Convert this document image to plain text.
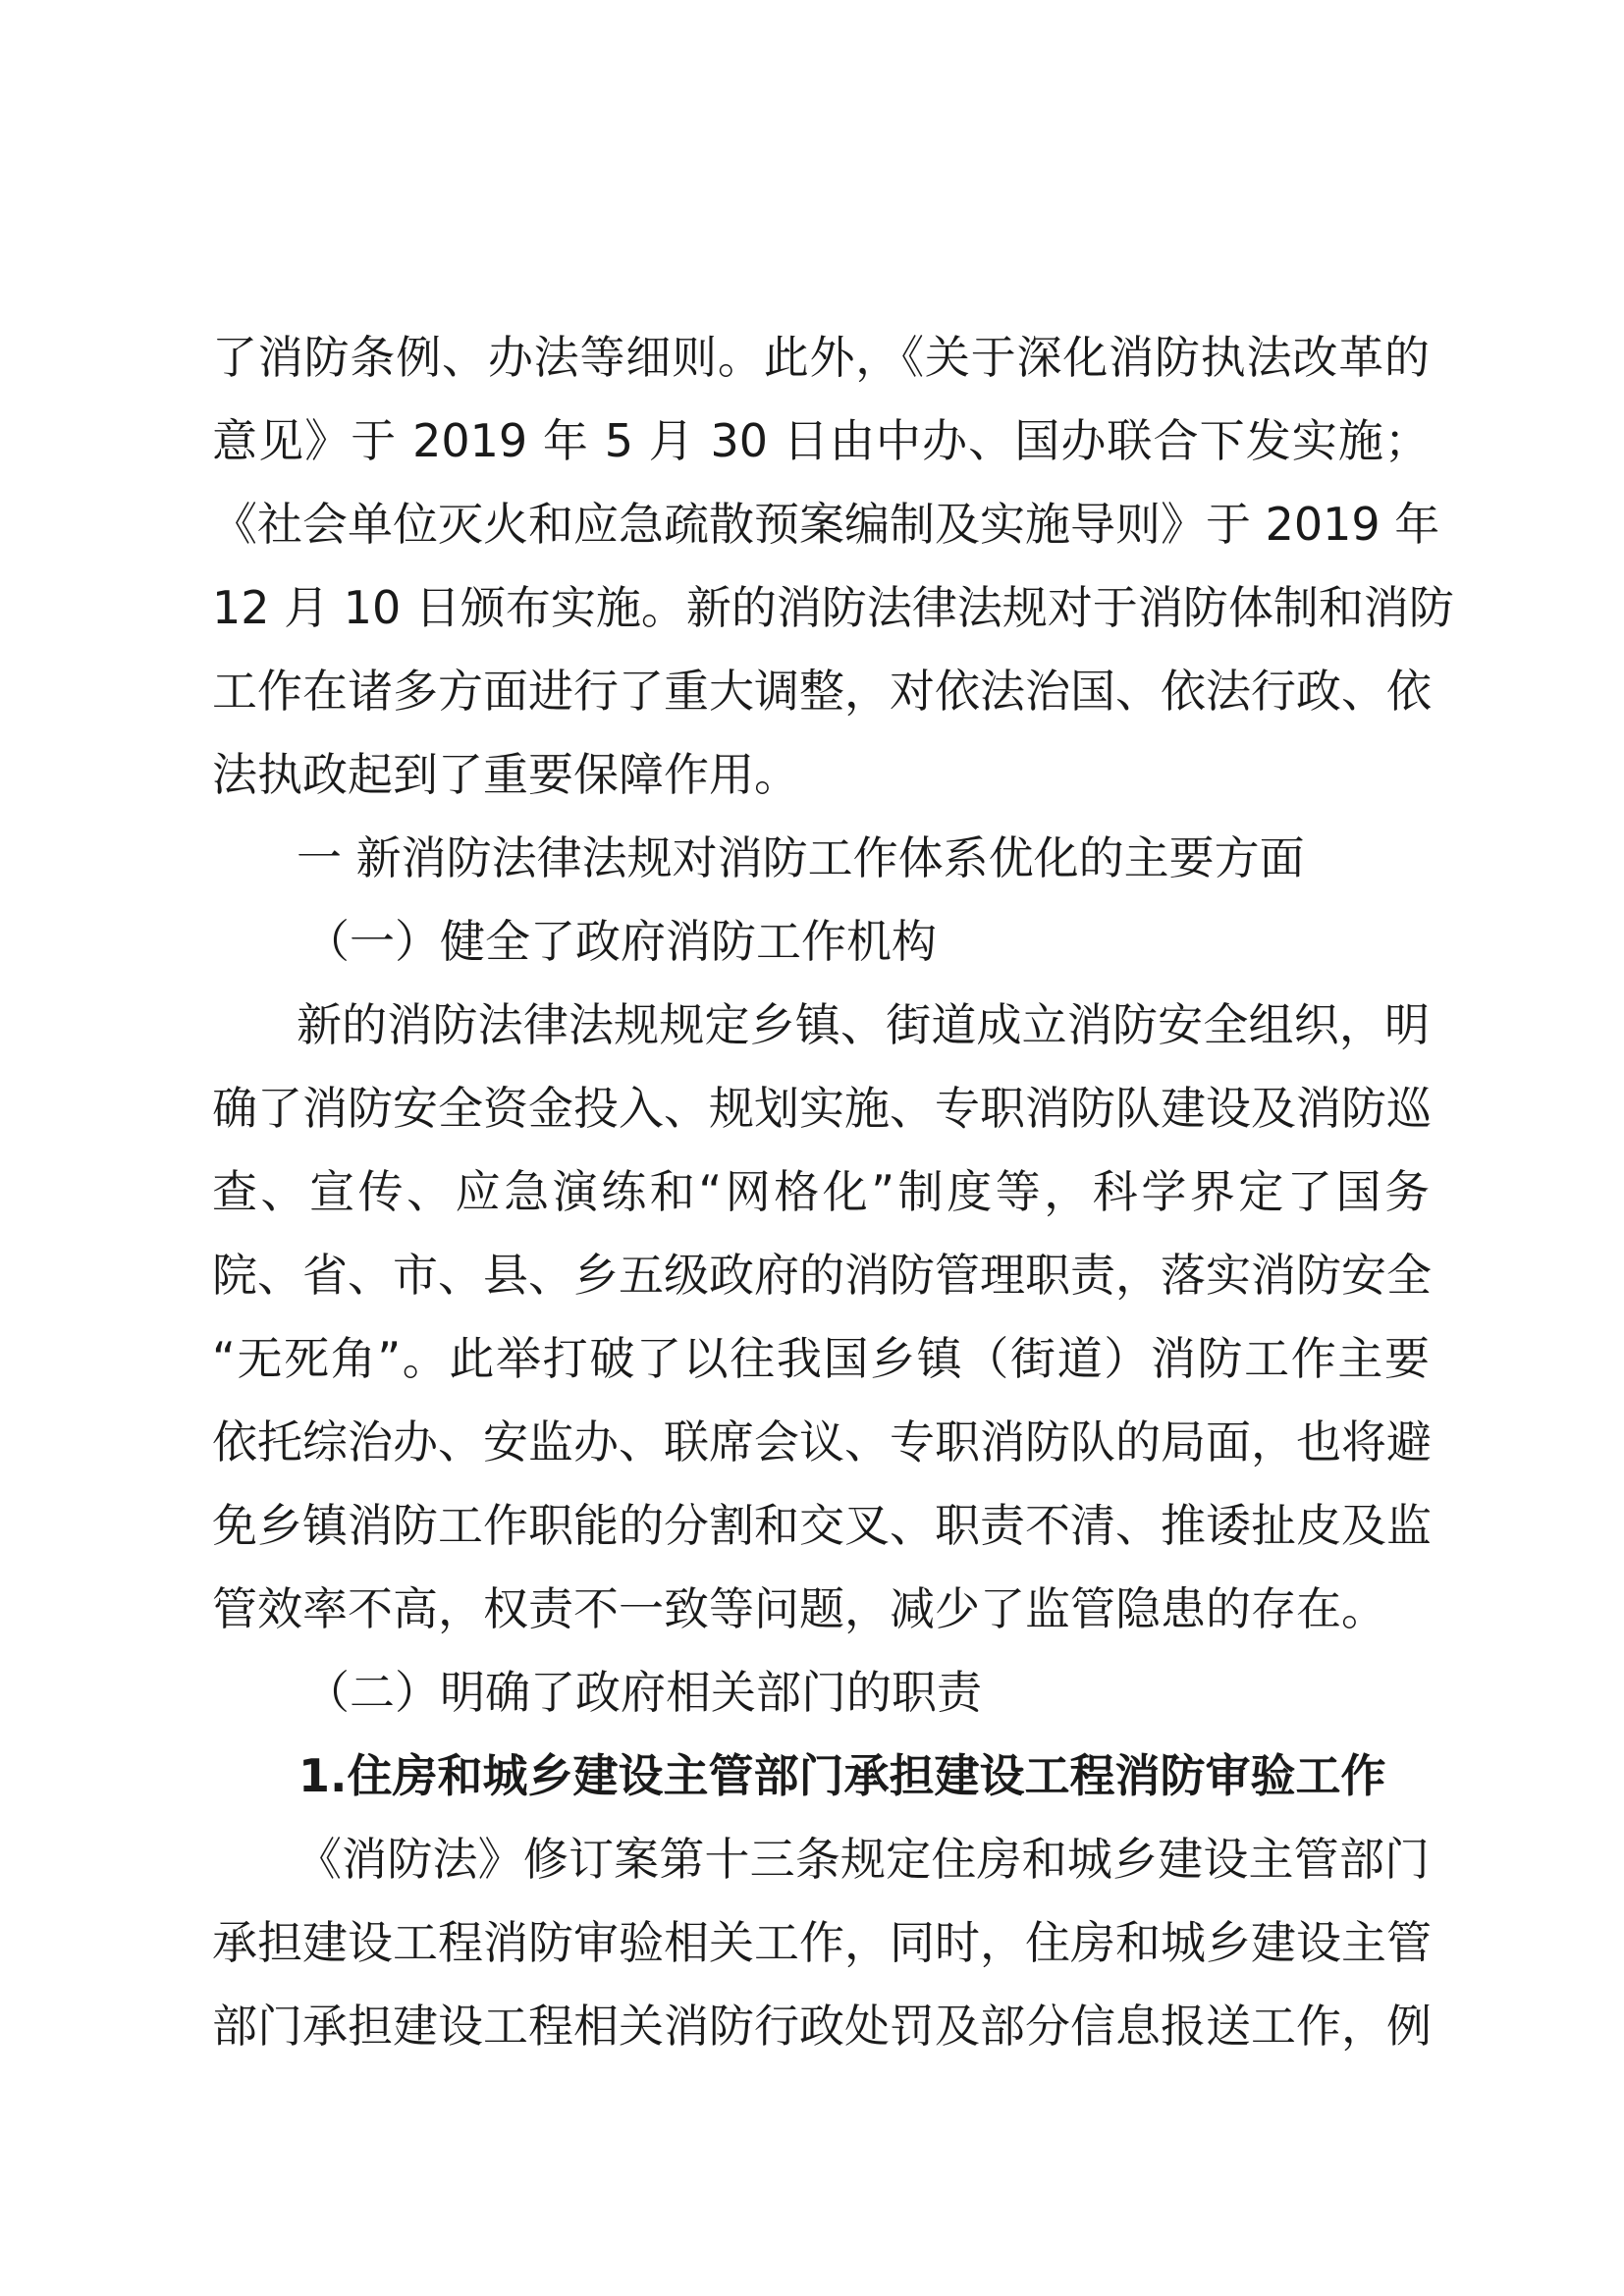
了消防条例、办法等细则。此外，《关于深化消防执法改革的
意见》于 2019 年 5 月 30 日由中办、国办联合下发实施；
《社会单位灭火和应急疏散预案编制及实施导则》于 2019 年
12 月 10 日颁布实施。新的消防法律法规对于消防体制和消防
工作在诸多方面进行了重大调整，对依法治国、依法行政、依
法执政起到了重要保障作用。
一 新消防法律法规对消防工作体系优化的主要方面
（一）健全了政府消防工作机构
新的消防法律法规规定乡镇、街道成立消防安全组织，明
确了消防安全资金投入、规划实施、专职消防队建设及消防巡
查、宣传、应急演练和“网格化”制度等，科学界定了国务
院、省、市、县、乡五级政府的消防管理职责，落实消防安全
“无死角”。此举打破了以往我国乡镇（街道）消防工作主要
依托综治办、安监办、联席会议、专职消防队的局面，也将避
免乡镇消防工作职能的分割和交叉、职责不清、推诿扯皮及监
管效率不高，权责不一致等问题，减少了监管隐患的存在。
（二）明确了政府相关部门的职责
1.住房和城乡建设主管部门承担建设工程消防审验工作
《消防法》修订案第十三条规定住房和城乡建设主管部门
承担建设工程消防审验相关工作，同时，住房和城乡建设主管
部门承担建设工程相关消防行政处罚及部分信息报送工作，例
